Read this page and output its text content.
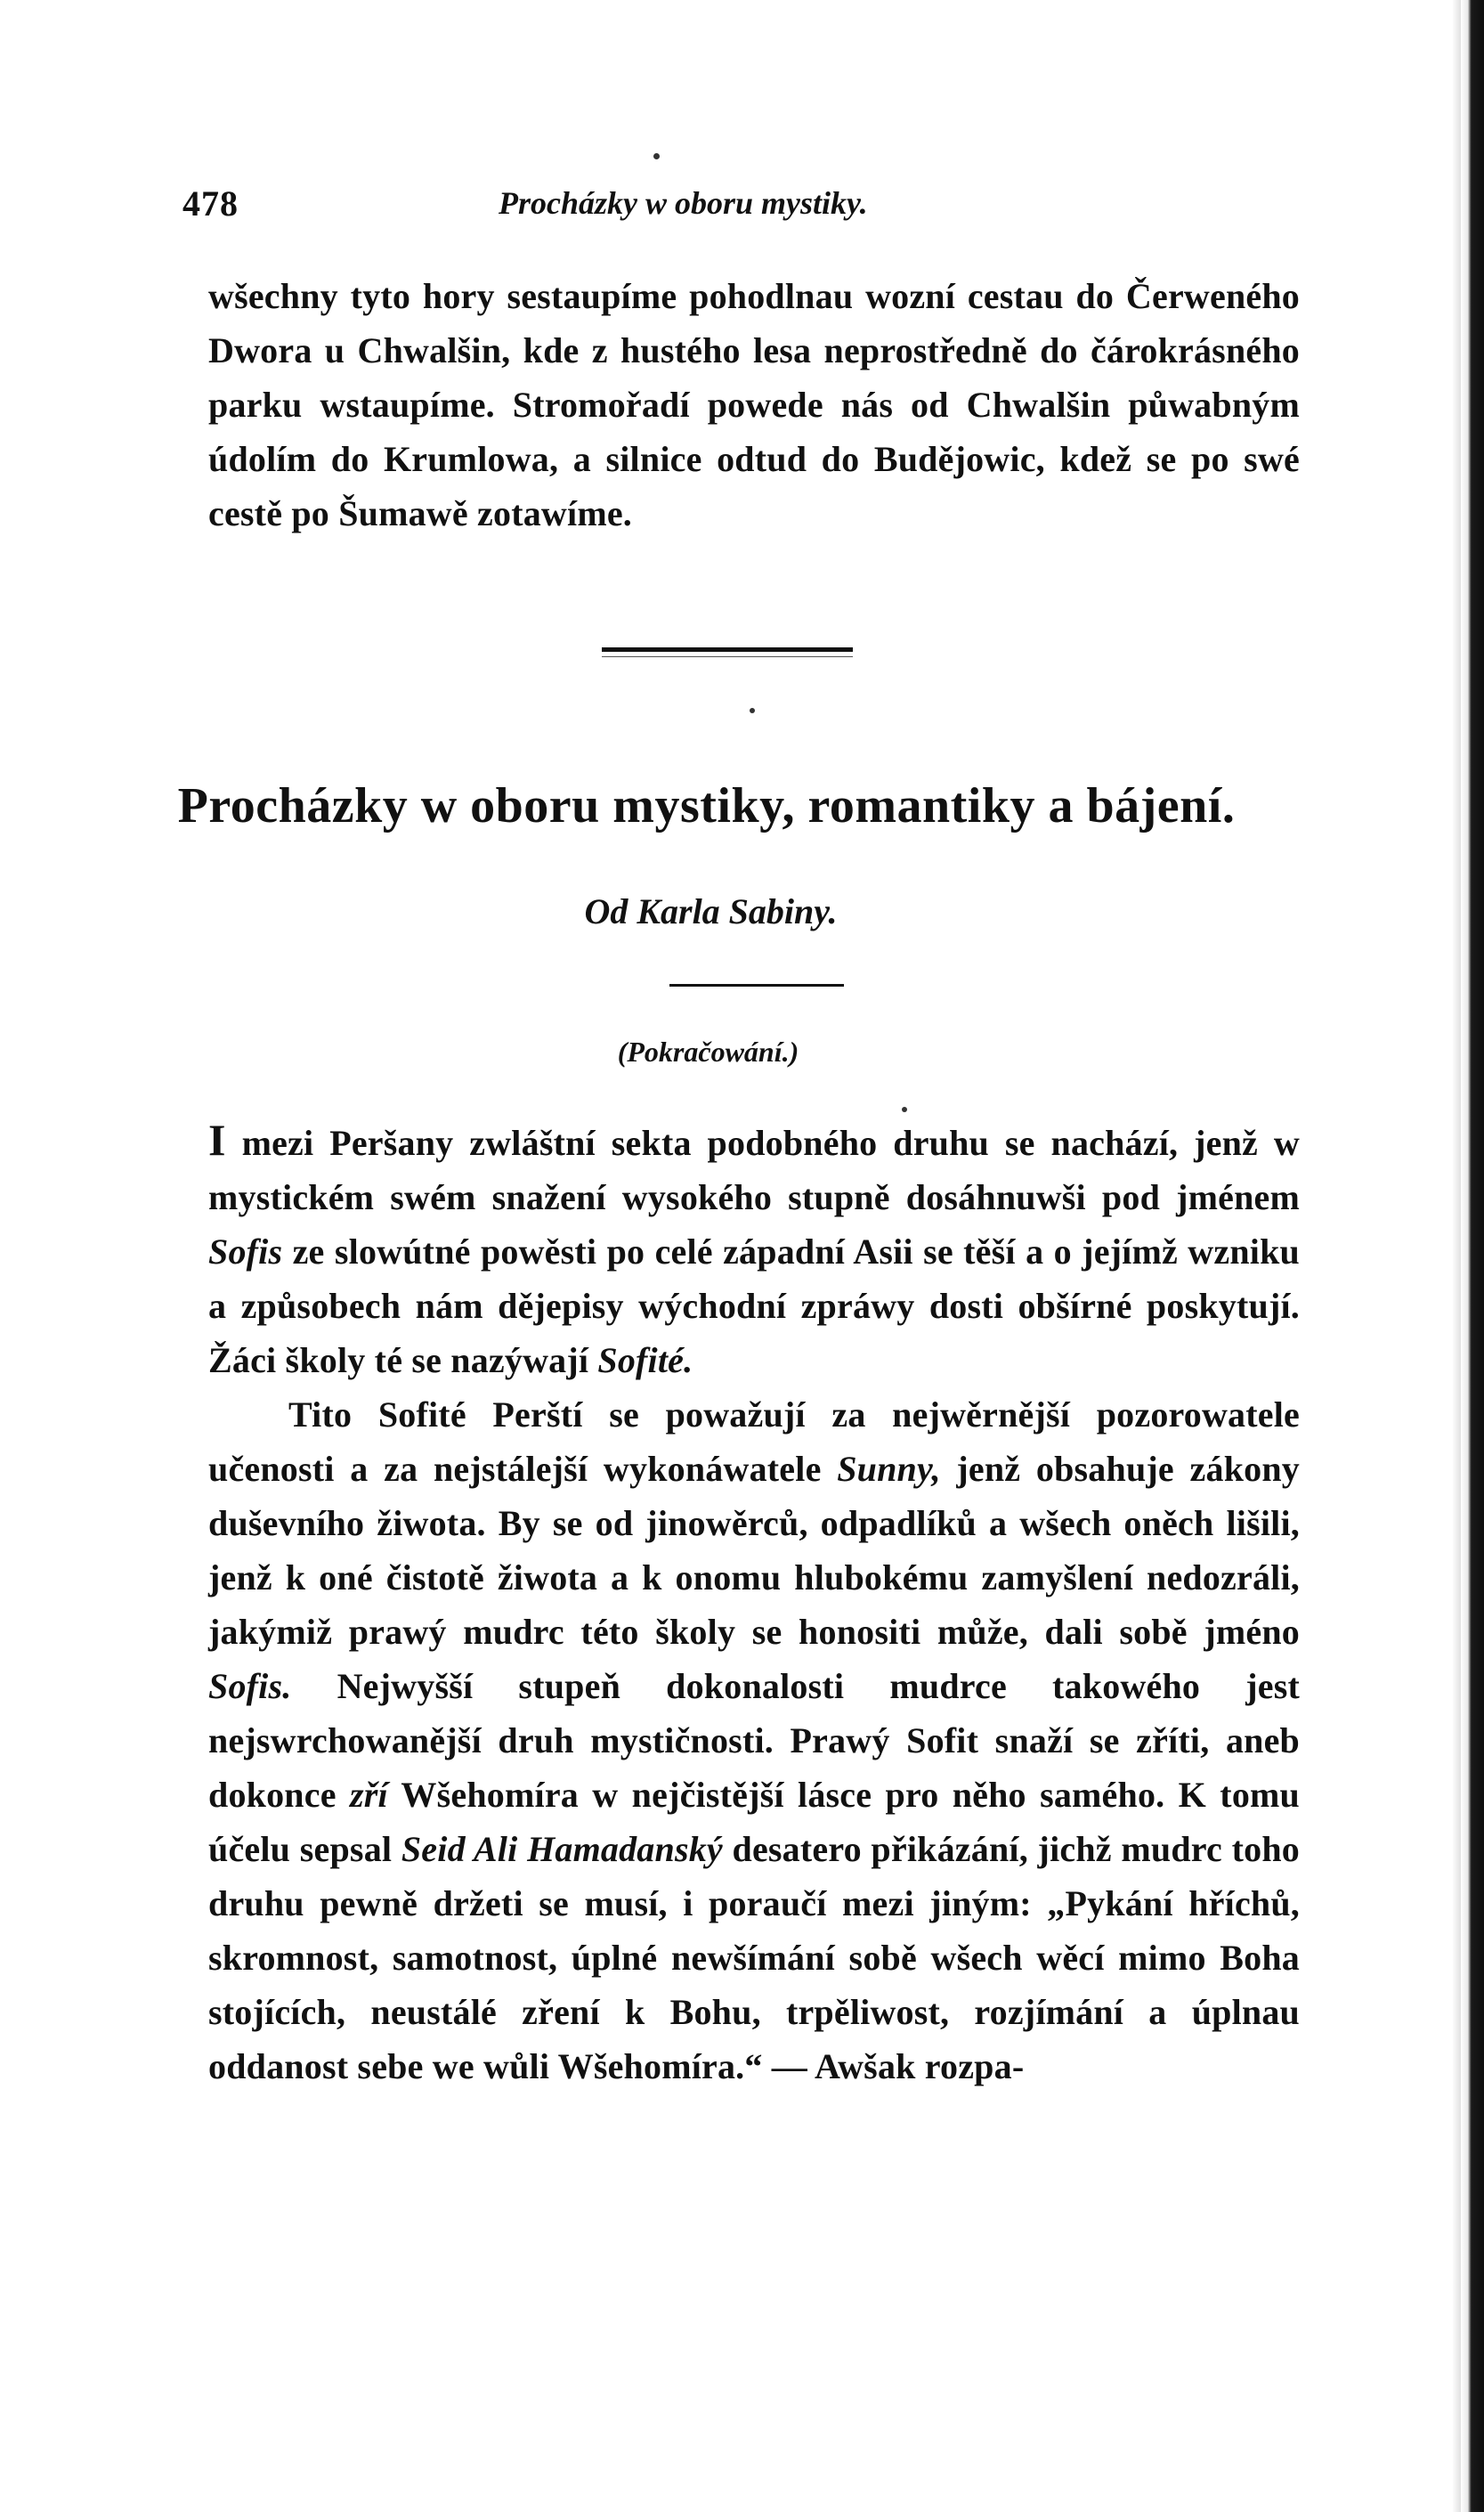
478	Procházky w oboru mystiky.

wšechny tyto hory sestaupíme pohodlnau wozní cestau do Čerweného Dwora u Chwalšin, kde z hustého lesa neprostředně do čárokrásného parku wstaupíme. Stromořadí powede nás od Chwalšin půwabným údolím do Krumlowa, a silnice odtud do Budějowic, kdež se po swé cestě po Šumawě zotawíme.

Procházky w oboru mystiky, romantiky a bájení.
Od Karla Sabiny.
(Pokračowání.)

I mezi Peršany zwláštní sekta podobného druhu se nachází, jenž w mystickém swém snažení wysokého stupně dosáhnuwši pod jménem Sofis ze slowútné powěsti po celé západní Asii se těší a o jejímž wzniku a způsobech nám dějepisy wýchodní zpráwy dosti obšírné poskytují. Žáci školy té se nazýwají Sofité.

Tito Sofité Perští se powažují za nejwěrnější pozorowatele učenosti a za nejstálejší wykonáwatele Sunny, jenž obsahuje zákony duševního žiwota. By se od jinowěrců, odpadlíků a wšech oněch lišili, jenž k oné čistotě žiwota a k onomu hlubokému zamyšlení nedozráli, jakýmiž prawý mudrc této školy se honositi může, dali sobě jméno Sofis. Nejwyšší stupeň dokonalosti mudrce takowého jest nejswrchowanější druh mystičnosti. Prawý Sofit snaží se zříti, aneb dokonce zří Wšehomíra w nejčistější lásce pro něho samého. K tomu účelu sepsal Seid Ali Hamadanský desatero přikázání, jichž mudrc toho druhu pewně držeti se musí, i poraučí mezi jiným: „Pykání hříchů, skromnost, samotnost, úplné newšímání sobě wšech wěcí mimo Boha stojících, neustálé zření k Bohu, trpěliwost, rozjímání a úplnau oddanost sebe we wůli Wšehomíra.“ — Awšak rozpa-
